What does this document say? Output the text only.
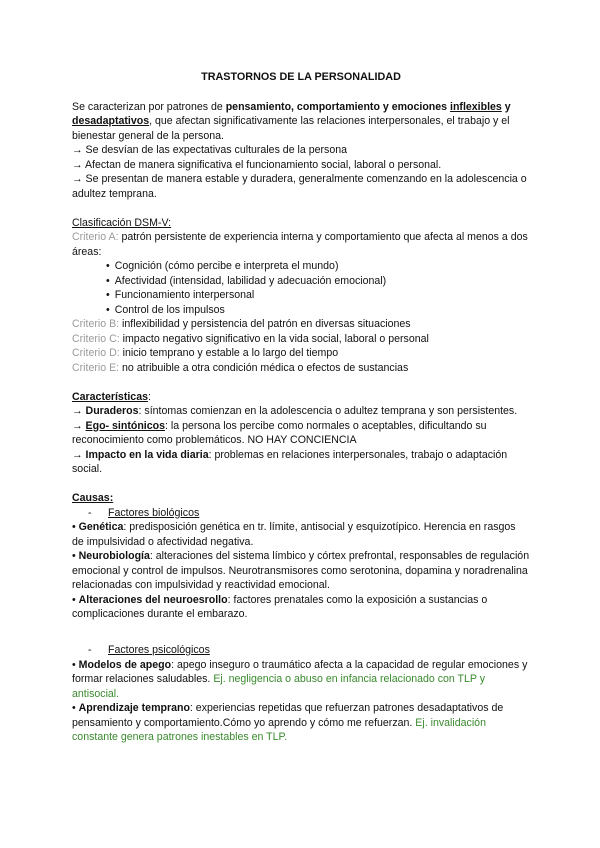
TRASTORNOS DE LA PERSONALIDAD

Se caracterizan por patrones de pensamiento, comportamiento y emociones inflexibles y desadaptativos, que afectan significativamente las relaciones interpersonales, el trabajo y el bienestar general de la persona.

→ Se desvían de las expectativas culturales de la persona

→ Afectan de manera significativa el funcionamiento social, laboral o personal.

→ Se presentan de manera estable y duradera, generalmente comenzando en la adolescencia o adultez temprana.

Clasificación DSM-V:

Criterio A: patrón persistente de experiencia interna y comportamiento que afecta al menos a dos áreas:

• Cognición (cómo percibe e interpreta el mundo)

• Afectividad (intensidad, labilidad y adecuación emocional)

• Funcionamiento interpersonal

• Control de los impulsos

Criterio B: inflexibilidad y persistencia del patrón en diversas situaciones

Criterio C: impacto negativo significativo en la vida social, laboral o personal

Criterio D: inicio temprano y estable a lo largo del tiempo

Criterio E: no atribuible a otra condición médica o efectos de sustancias

Características:

→ Duraderos: síntomas comienzan en la adolescencia o adultez temprana y son persistentes.

→ Ego- sintónicos: la persona los percibe como normales o aceptables, dificultando su reconocimiento como problemáticos. NO HAY CONCIENCIA

→ Impacto en la vida diaria: problemas en relaciones interpersonales, trabajo o adaptación social.

Causas:

- Factores biológicos

• Genética: predisposición genética en tr. límite, antisocial y esquizotípico. Herencia en rasgos de impulsividad o afectividad negativa.

• Neurobiología: alteraciones del sistema límbico y córtex prefrontal, responsables de regulación emocional y control de impulsos. Neurotransmisores como serotonina, dopamina y noradrenalina relacionadas con impulsividad y reactividad emocional.

• Alteraciones del neuroesrollo: factores prenatales como la exposición a sustancias o complicaciones durante el embarazo.

- Factores psicológicos

• Modelos de apego: apego inseguro o traumático afecta a la capacidad de regular emociones y formar relaciones saludables. Ej. negligencia o abuso en infancia relacionado con TLP y antisocial.

• Aprendizaje temprano: experiencias repetidas que refuerzan patrones desadaptativos de pensamiento y comportamiento.Cómo yo aprendo y cómo me refuerzan. Ej. invalidación constante genera patrones inestables en TLP.
